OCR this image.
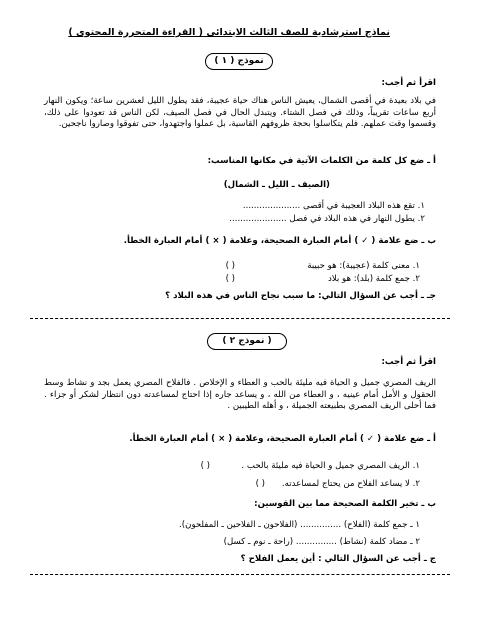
نماذج استرشادية للصف الثالث الابتدائى ( القراءة المتحررة المحتوى )
نموذج ( ١ )
اقرأ ثم أجب:
في بلاد بعيدة في أقصى الشمال، يعيش الناس هناك حياة عجيبة، فقد يطول الليل لعشرين ساعة؛ ويكون النهار أربع ساعات تقريباً، وذلك في فصل الشتاء. ويتبدل الحال في فصل الصيف، لكن الناس قد تعودوا على ذلك، وقسموا وقت عملهم. فلم يتكاسلوا بحجة ظروفهم القاسية، بل عملوا واجتهدوا، حتى تفوقوا وصاروا ناجحين.
أ ـ ضع كل كلمة من الكلمات الآتية في مكانها المناسب:
(الصيف ـ الليل ـ الشمال)
١. تقع هذه البلاد العجيبة في أقصى .....................
٢. يطول النهار في هذه البلاد في فصل .....................
ب ـ ضع علامة ( ✓ ) أمام العبارة الصحيحة، وعلامة ( × ) أمام العبارة الخطأ.
١. معنى كلمة (عجيبة): هو حبيبة
( )
٢. جمع كلمة (بلد): هو بلاد
( )
جـ ـ أجب عن السؤال التالي: ما سبب نجاح الناس في هذه البلاد ؟
( نموذج ٢ )
اقرأ ثم أجب:
الريف المصري جميل و الحياة فيه مليئة بالحب و العطاء و الإخلاص . فالفلاح المصري يعمل بجد و نشاط وسط الحقول و الأمل أمام عينيه ، و العطاء من الله ، و يساعد جاره إذا احتاج لمساعدته دون انتظار لشكر أو جزاء . فما أحلى الريف المصري بطبيعته الجميلة ، و أهله الطيبين .
أ ـ ضع علامة ( ✓ ) أمام العبارة الصحيحة، وعلامة ( × ) أمام العبارة الخطأ.
١. الريف المصري جميل و الحياة فيه مليئة بالحب .
( )
٢. لا يساعد الفلاح من يحتاج لمساعدته.
( )
ب ـ تخير الكلمة الصحيحة مما بين القوسين:
١ ـ جمع كلمة (الفلاح) ............... (الفلاحون ـ الفلاحين ـ المفلحون).
٢ ـ مضاد كلمة (نشاط) ............... (راحة ـ نوم ـ كسل)
ج ـ أجب عن السؤال التالي : أين يعمل الفلاح ؟
